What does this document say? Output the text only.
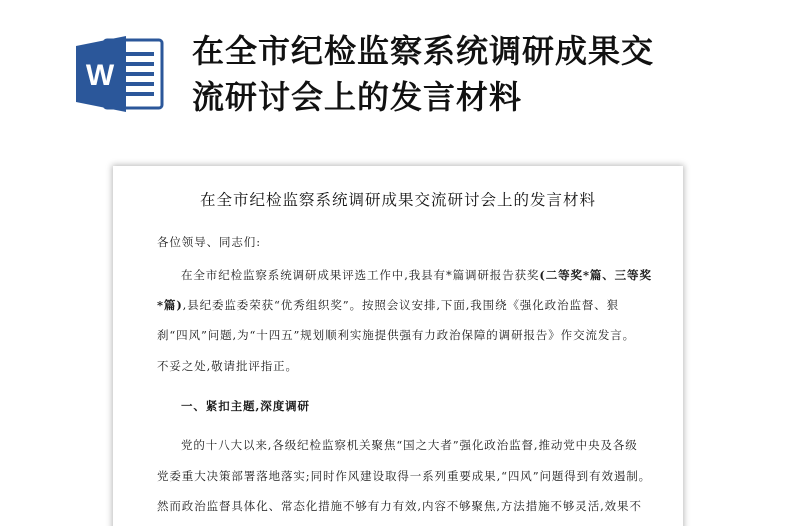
W
在全市纪检监察系统调研成果交
流研讨会上的发言材料
在全市纪检监察系统调研成果交流研讨会上的发言材料
各位领导、同志们:
在全市纪检监察系统调研成果评选工作中,我县有*篇调研报告获奖(二等奖*篇、三等奖
*篇),县纪委监委荣获“优秀组织奖”。按照会议安排,下面,我围绕《强化政治监督、狠
刹“四风”问题,为“十四五”规划顺利实施提供强有力政治保障的调研报告》作交流发言。
不妥之处,敬请批评指正。
一、紧扣主题,深度调研
党的十八大以来,各级纪检监察机关聚焦“国之大者”强化政治监督,推动党中央及各级
党委重大决策部署落地落实;同时作风建设取得一系列重要成果,“四风”问题得到有效遏制。
然而政治监督具体化、常态化措施不够有力有效,内容不够聚焦,方法措施不够灵活,效果不
